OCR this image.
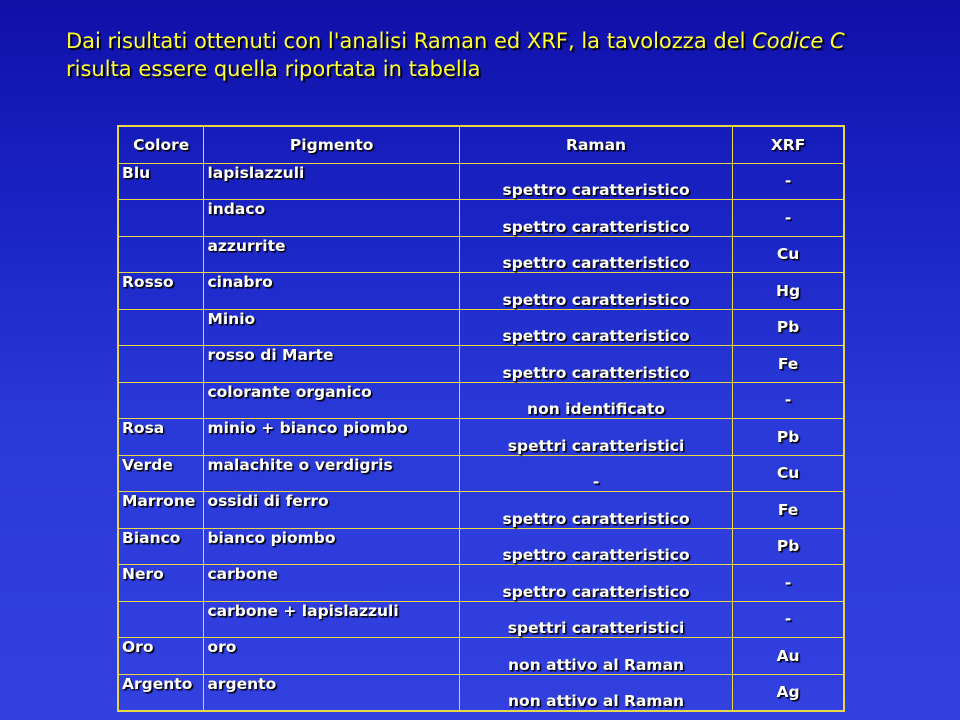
Dai risultati ottenuti con l'analisi Raman ed XRF, la tavolozza del Codice C
risulta essere quella riportata in tabella
Colore	Pigmento	Raman	XRF
Blu	lapislazzuli	spettro caratteristico	-
	indaco	spettro caratteristico	-
	azzurrite	spettro caratteristico	Cu
Rosso	cinabro	spettro caratteristico	Hg
	Minio	spettro caratteristico	Pb
	rosso di Marte	spettro caratteristico	Fe
	colorante organico	non identificato	-
Rosa	minio + bianco piombo	spettri caratteristici	Pb
Verde	malachite o verdigris	-	Cu
Marrone	ossidi di ferro	spettro caratteristico	Fe
Bianco	bianco piombo	spettro caratteristico	Pb
Nero	carbone	spettro caratteristico	-
	carbone + lapislazzuli	spettri caratteristici	-
Oro	oro	non attivo al Raman	Au
Argento	argento	non attivo al Raman	Ag
